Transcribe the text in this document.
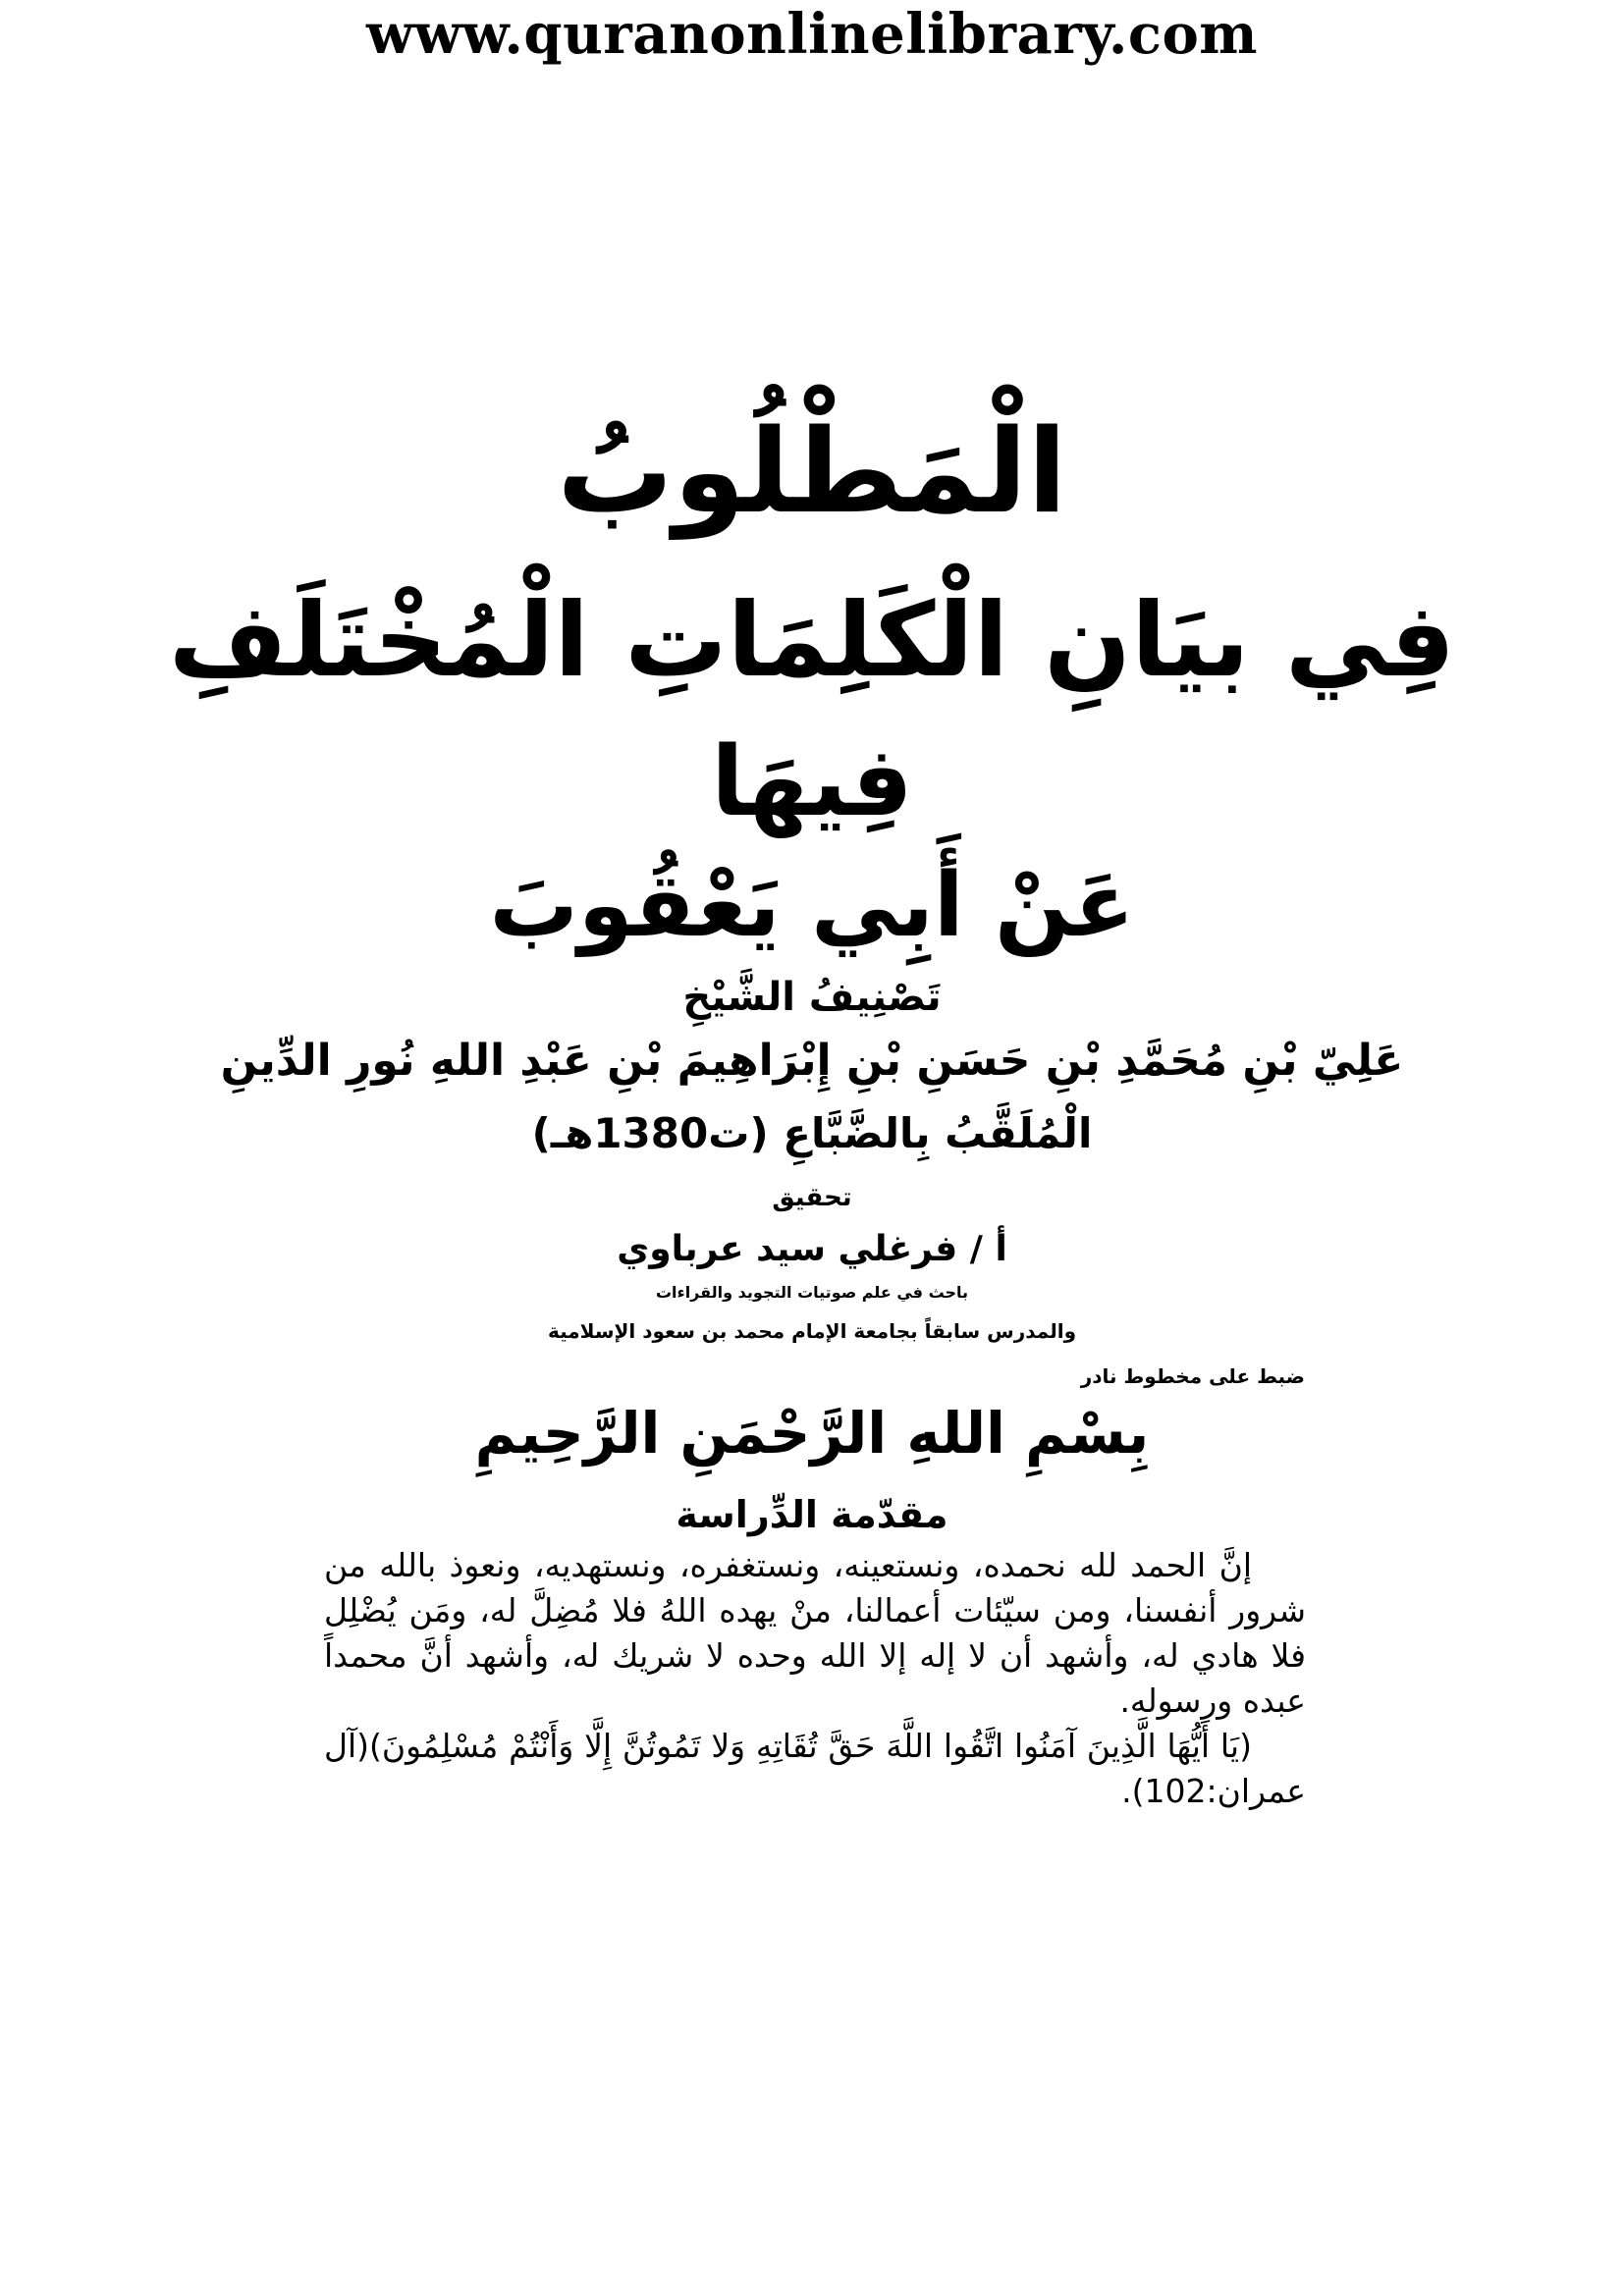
www.quranonlinelibrary.com
الْمَطْلُوبُ
فِي بيَانِ الْكَلِمَاتِ الْمُخْتَلَفِ
فِيهَا
عَنْ أَبِي يَعْقُوبَ
تَصْنِيفُ الشَّيْخِ
عَلِيّ بْنِ مُحَمَّدِ بْنِ حَسَنِ بْنِ إِبْرَاهِيمَ بْنِ عَبْدِ اللهِ نُورِ الدِّينِ
الْمُلَقَّبُ بِالضَّبَّاعِ (ت1380هـ)
تحقيق
أ / فرغلي سيد عرباوي
باحث في علم صوتيات التجويد والقراءات
والمدرس سابقاً بجامعة الإمام محمد بن سعود الإسلامية
ضبط على مخطوط نادر
بِسْمِ اللهِ الرَّحْمَنِ الرَّحِيمِ
مقدّمة الدِّراسة
إنَّ الحمد لله نحمده، ونستعينه، ونستغفره، ونستهديه، ونعوذ بالله من شرور أنفسنا، ومن سيّئات أعمالنا، منْ يهده اللهُ فلا مُضِلَّ له، ومَن يُضْلِل فلا هادي له، وأشهد أن لا إله إلا الله وحده لا شريك له، وأشهد أنَّ محمداً عبده ورسوله.
(يَا أَيُّهَا الَّذِينَ آمَنُوا اتَّقُوا اللَّهَ حَقَّ تُقَاتِهِ وَلا تَمُوتُنَّ إِلَّا وَأَنْتُمْ مُسْلِمُونَ)(آل عمران:102).
